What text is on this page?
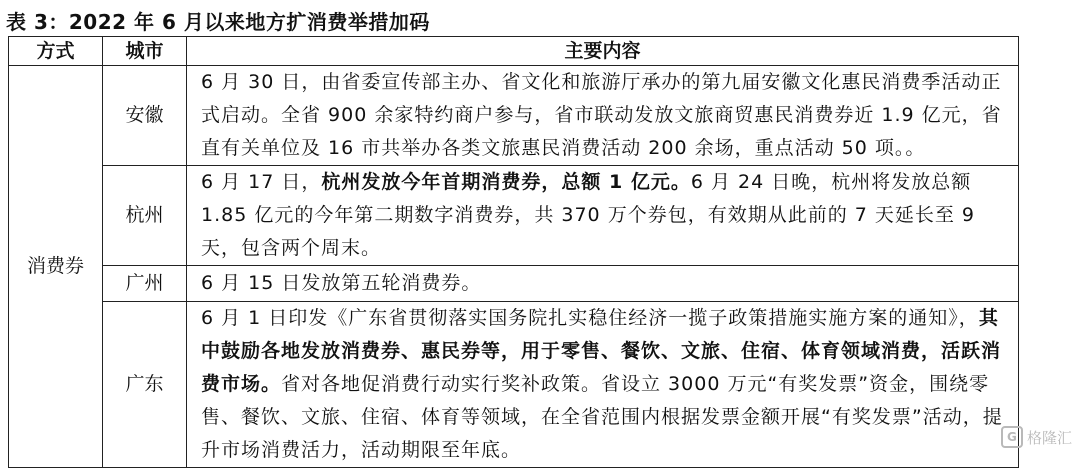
表 3：2022 年 6 月以来地方扩消费举措加码
方式	城市	主要内容
消费券	安徽	6 月 30 日，由省委宣传部主办、省文化和旅游厅承办的第九届安徽文化惠民消费季活动正式启动。全省 900 余家特约商户参与，省市联动发放文旅商贸惠民消费券近 1.9 亿元，省直有关单位及 16 市共举办各类文旅惠民消费活动 200 余场，重点活动 50 项。。
	杭州	6 月 17 日，杭州发放今年首期消费券，总额 1 亿元。6 月 24 日晚，杭州将发放总额 1.85 亿元的今年第二期数字消费券，共 370 万个券包，有效期从此前的 7 天延长至 9 天，包含两个周末。
	广州	6 月 15 日发放第五轮消费券。
	广东	6 月 1 日印发《广东省贯彻落实国务院扎实稳住经济一揽子政策措施实施方案的通知》，其中鼓励各地发放消费券、惠民券等，用于零售、餐饮、文旅、住宿、体育领域消费，活跃消费市场。省对各地促消费行动实行奖补政策。省设立 3000 万元“有奖发票”资金，围绕零售、餐饮、文旅、住宿、体育等领域，在全省范围内根据发票金额开展“有奖发票”活动，提升市场消费活力，活动期限至年底。
G 格隆汇
